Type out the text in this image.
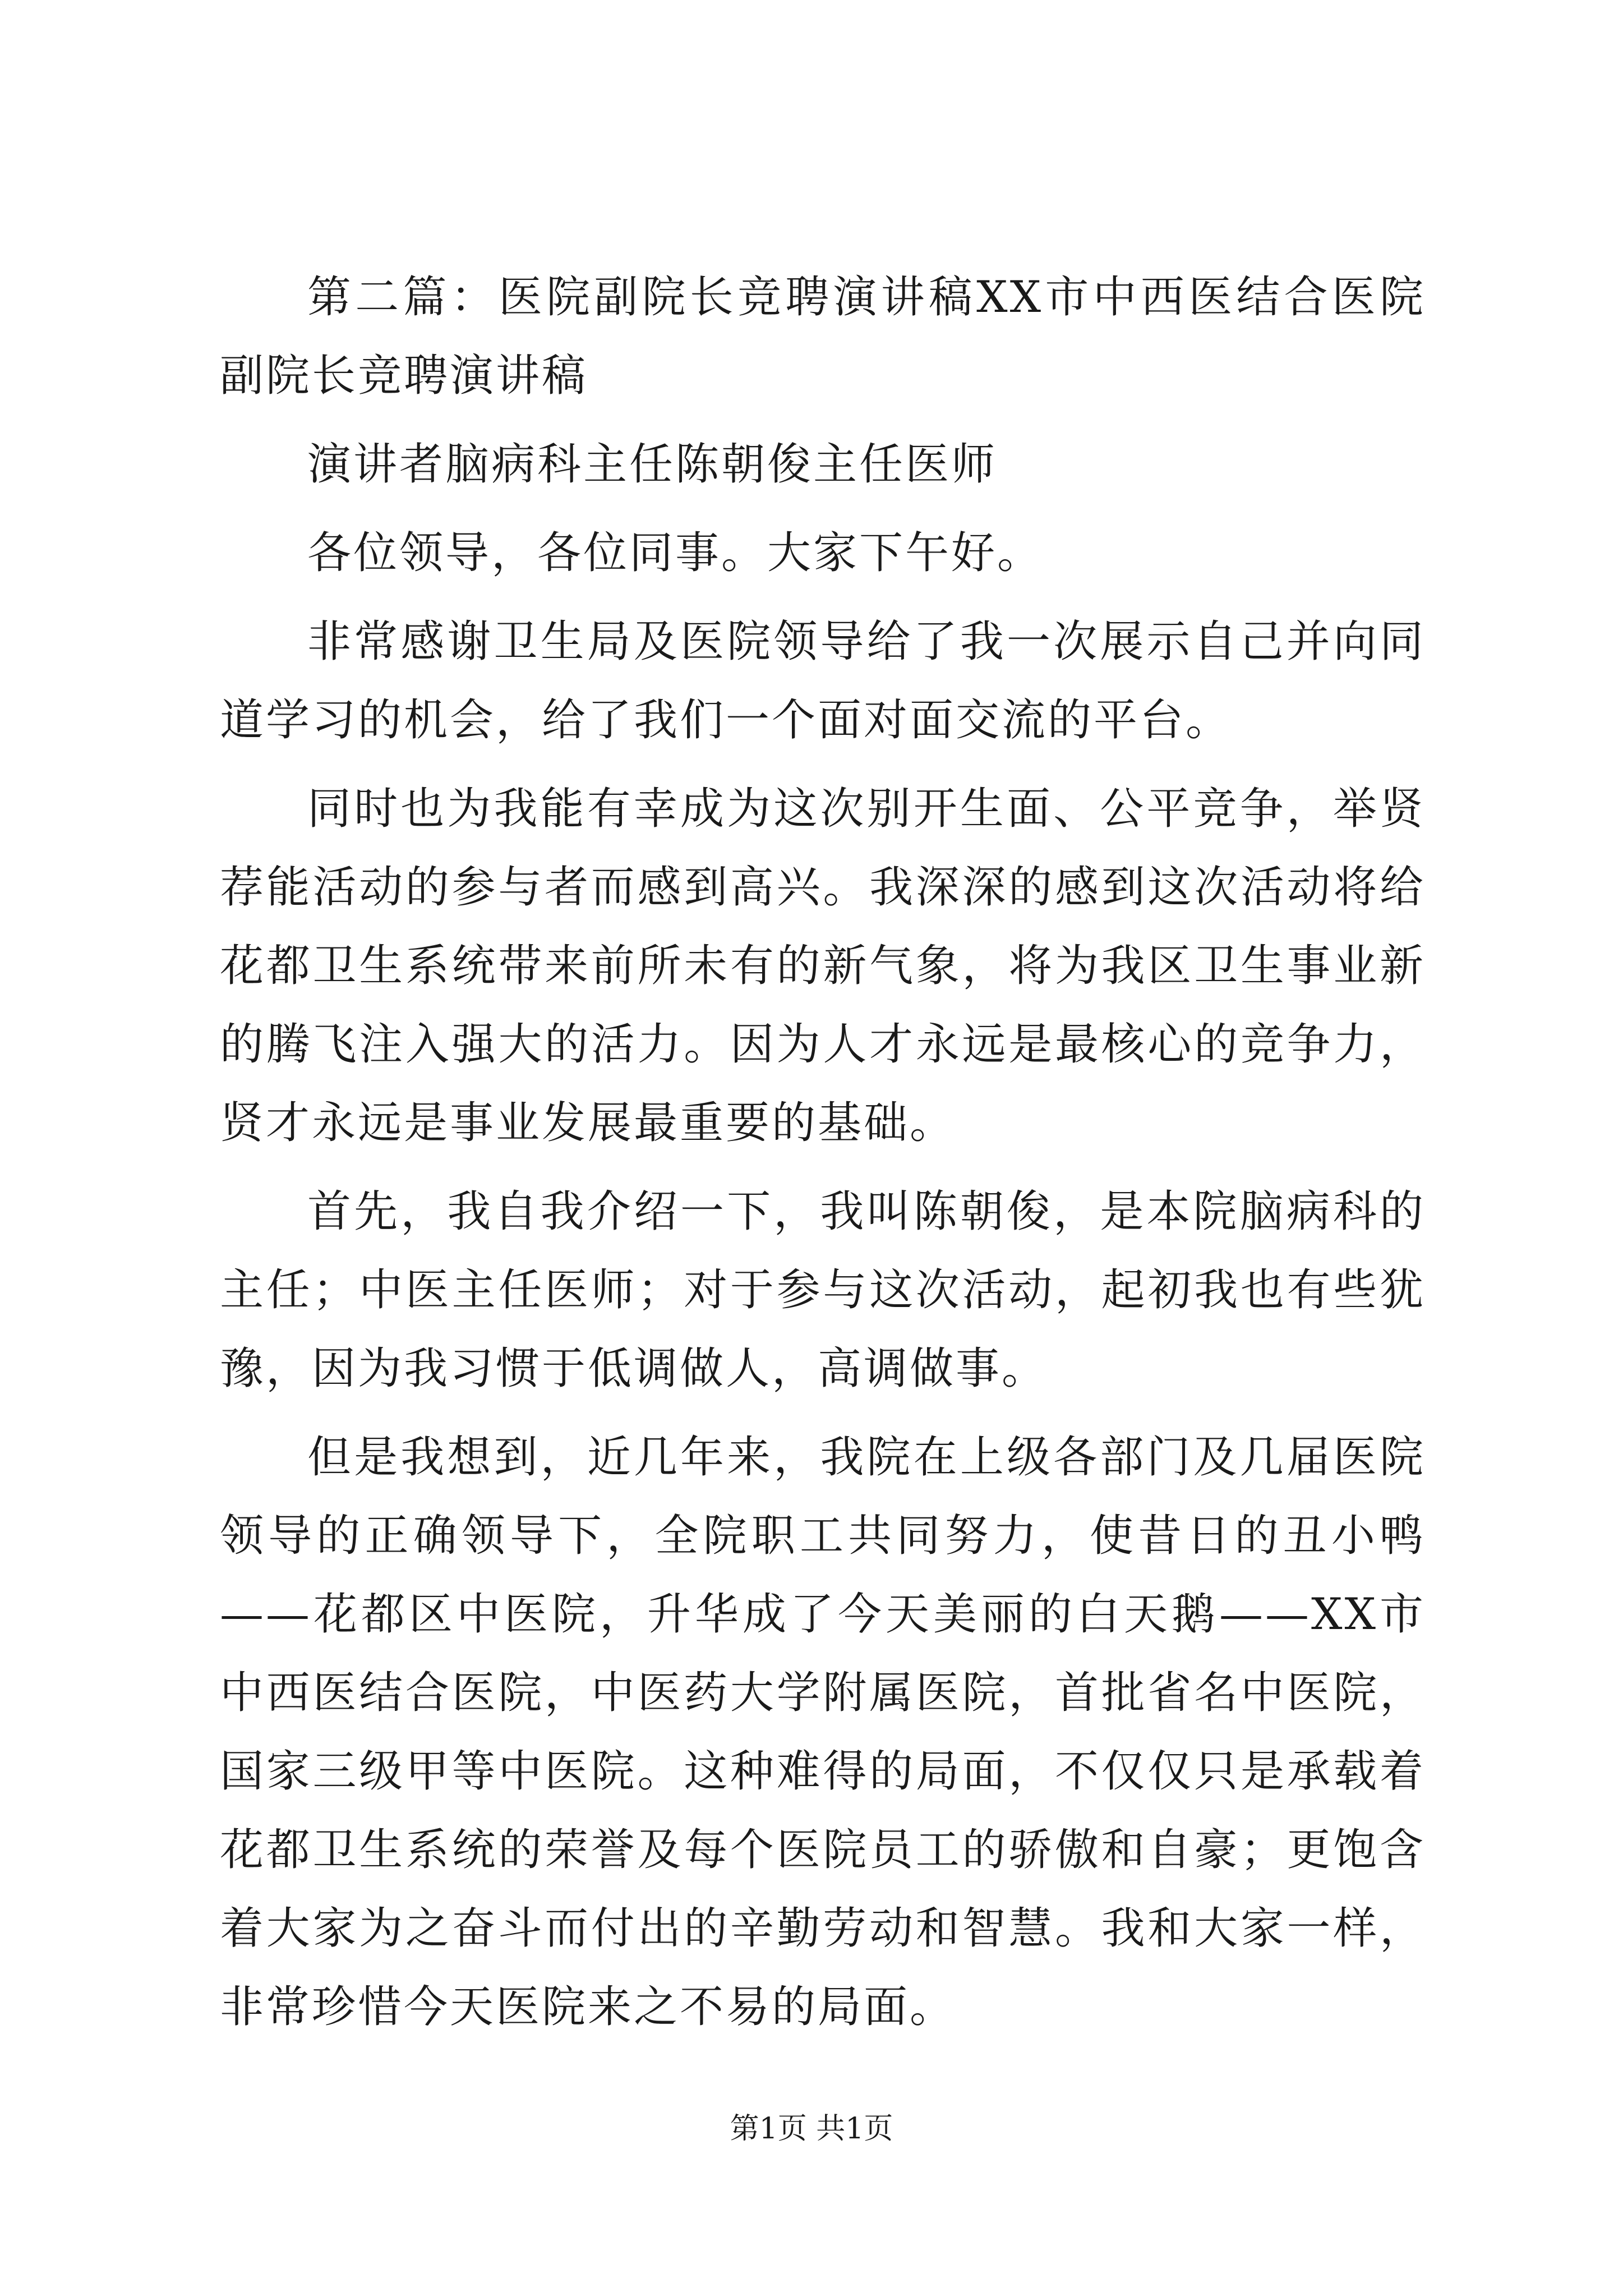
第二篇：医院副院长竞聘演讲稿XX市中西医结合医院副院长竞聘演讲稿

演讲者脑病科主任陈朝俊主任医师

各位领导，各位同事。大家下午好。

非常感谢卫生局及医院领导给了我一次展示自己并向同道学习的机会，给了我们一个面对面交流的平台。

同时也为我能有幸成为这次别开生面、公平竞争，举贤荐能活动的参与者而感到高兴。我深深的感到这次活动将给花都卫生系统带来前所未有的新气象，将为我区卫生事业新的腾飞注入强大的活力。因为人才永远是最核心的竞争力，贤才永远是事业发展最重要的基础。

首先，我自我介绍一下，我叫陈朝俊，是本院脑病科的主任；中医主任医师；对于参与这次活动，起初我也有些犹豫，因为我习惯于低调做人，高调做事。

但是我想到，近几年来，我院在上级各部门及几届医院领导的正确领导下，全院职工共同努力，使昔日的丑小鸭——花都区中医院，升华成了今天美丽的白天鹅——XX市中西医结合医院，中医药大学附属医院，首批省名中医院，国家三级甲等中医院。这种难得的局面，不仅仅只是承载着花都卫生系统的荣誉及每个医院员工的骄傲和自豪；更饱含着大家为之奋斗而付出的辛勤劳动和智慧。我和大家一样，非常珍惜今天医院来之不易的局面。

第1页 共1页
